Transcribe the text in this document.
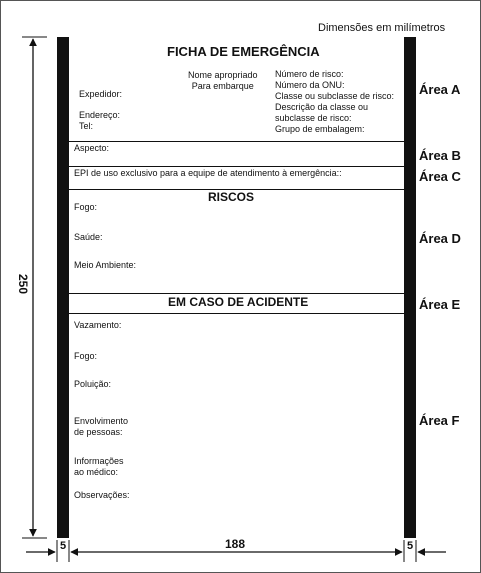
Dimensões em milímetros
FICHA DE EMERGÊNCIA
Nome apropriado
Para embarque
Expedidor:
Endereço:
Tel:
Número de risco:
Número da ONU:
Classe ou subclasse de risco:
Descrição da classe ou
subclasse de risco:
Grupo de embalagem:
Aspecto:
EPI de uso exclusivo para a equipe de atendimento à emergência::
RISCOS
Fogo:
Saúde:
Meio Ambiente:
EM CASO DE ACIDENTE
Vazamento:
Fogo:
Poluição:
Envolvimento
de pessoas:
Informações
ao médico:
Observações:
Área A
Área B
Área C
Área D
Área E
Área F
250
188
5	5
